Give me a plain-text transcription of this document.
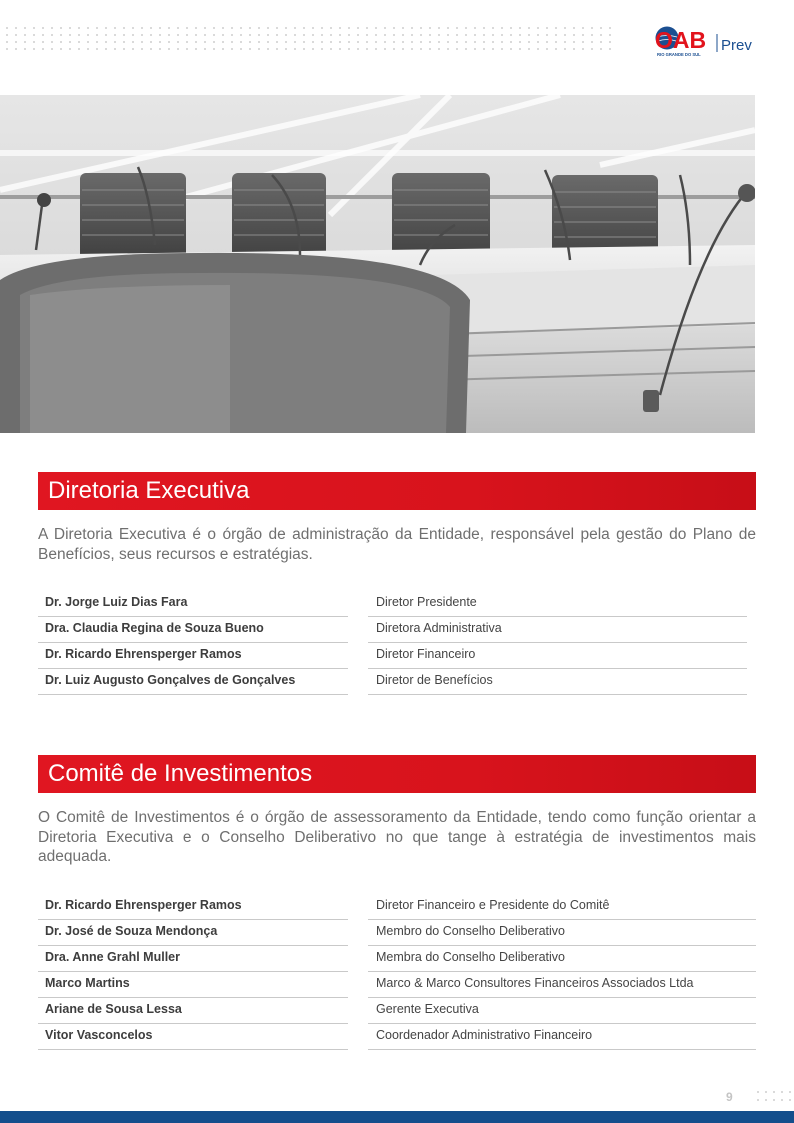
OAB
RIO GRANDE DO SUL
Prev
Diretoria Executiva
A Diretoria Executiva é o órgão de administração da Entidade, responsável pela gestão do Plano de Benefícios, seus recursos e estratégias.
Dr. Jorge Luiz Dias Fara
Dra. Claudia Regina de Souza Bueno
Dr. Ricardo Ehrensperger Ramos
Dr. Luiz Augusto Gonçalves de Gonçalves
Diretor Presidente
Diretora Administrativa
Diretor Financeiro
Diretor de Benefícios
Comitê de Investimentos
O Comitê de Investimentos é o órgão de assessoramento da Entidade, tendo como função orientar a Diretoria Executiva e o Conselho Deliberativo no que tange à estratégia de investimentos mais adequada.
Dr. Ricardo Ehrensperger Ramos
Dr. José de Souza Mendonça
Dra. Anne Grahl Muller
Marco Martins
Ariane de Sousa Lessa
Vitor Vasconcelos
Diretor Financeiro e Presidente do Comitê
Membro do Conselho Deliberativo
Membra do Conselho Deliberativo
Marco & Marco Consultores Financeiros Associados Ltda
Gerente Executiva
Coordenador Administrativo Financeiro
9
